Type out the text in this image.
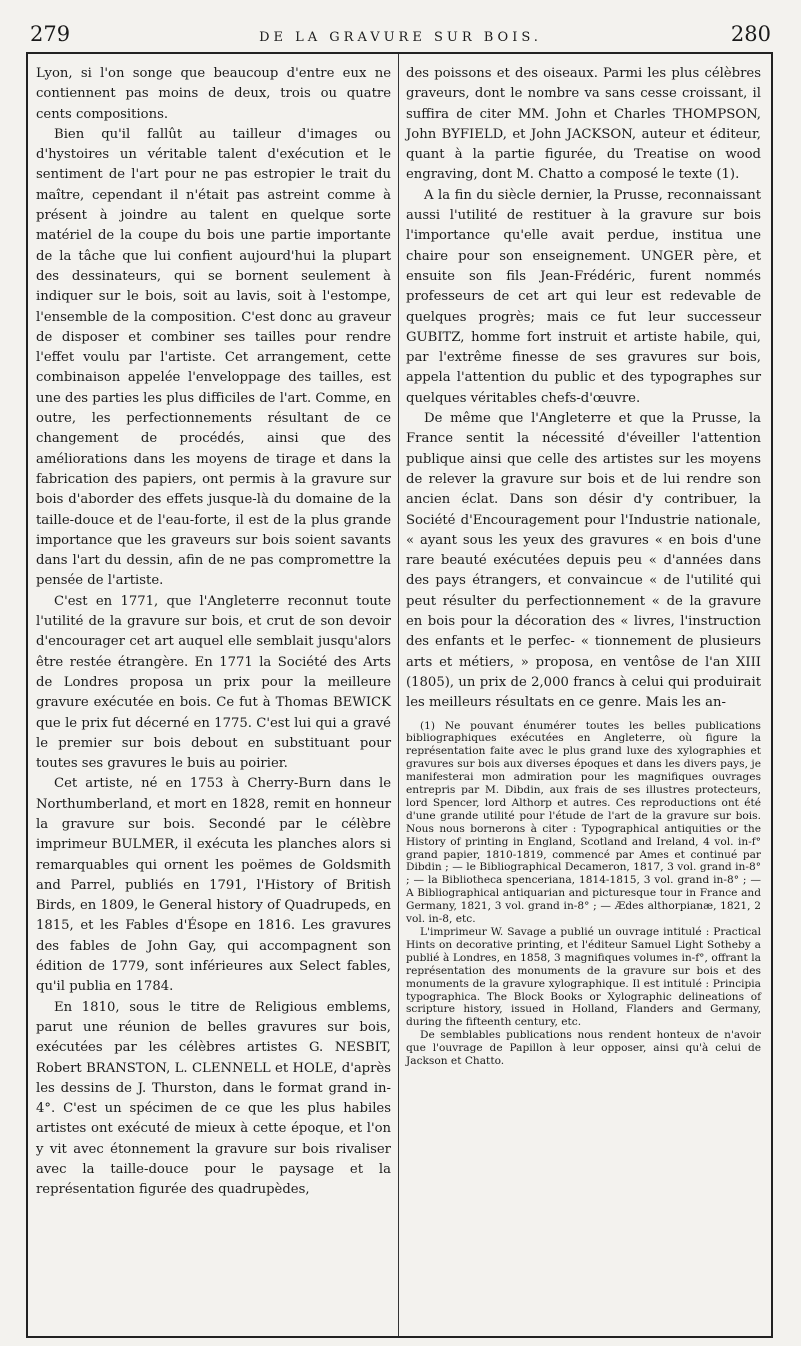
279	DE LA GRAVURE SUR BOIS.	280

Lyon, si l'on songe que beaucoup d'entre eux ne contiennent pas moins de deux, trois ou quatre cents compositions.

Bien qu'il fallût au tailleur d'images ou d'hystoires un véritable talent d'exécution et le sentiment de l'art pour ne pas estropier le trait du maître, cependant il n'était pas astreint comme à présent à joindre au talent en quelque sorte matériel de la coupe du bois une partie importante de la tâche que lui confient aujourd'hui la plupart des dessinateurs, qui se bornent seulement à indiquer sur le bois, soit au lavis, soit à l'estompe, l'ensemble de la composition. C'est donc au graveur de disposer et combiner ses tailles pour rendre l'effet voulu par l'artiste. Cet arrangement, cette combinaison appelée l'enveloppage des tailles, est une des parties les plus difficiles de l'art. Comme, en outre, les perfectionnements résultant de ce changement de procédés, ainsi que des améliorations dans les moyens de tirage et dans la fabrication des papiers, ont permis à la gravure sur bois d'aborder des effets jusque-là du domaine de la taille-douce et de l'eau-forte, il est de la plus grande importance que les graveurs sur bois soient savants dans l'art du dessin, afin de ne pas compromettre la pensée de l'artiste.

C'est en 1771, que l'Angleterre reconnut toute l'utilité de la gravure sur bois, et crut de son devoir d'encourager cet art auquel elle semblait jusqu'alors être restée étrangère. En 1771 la Société des Arts de Londres proposa un prix pour la meilleure gravure exécutée en bois. Ce fut à Thomas BEWICK que le prix fut décerné en 1775. C'est lui qui a gravé le premier sur bois debout en substituant pour toutes ses gravures le buis au poirier.

Cet artiste, né en 1753 à Cherry-Burn dans le Northumberland, et mort en 1828, remit en honneur la gravure sur bois. Secondé par le célèbre imprimeur BULMER, il exécuta les planches alors si remarquables qui ornent les poëmes de Goldsmith and Parrel, publiés en 1791, l'History of British Birds, en 1809, le General history of Quadrupeds, en 1815, et les Fables d'Ésope en 1816. Les gravures des fables de John Gay, qui accompagnent son édition de 1779, sont inférieures aux Select fables, qu'il publia en 1784.

En 1810, sous le titre de Religious emblems, parut une réunion de belles gravures sur bois, exécutées par les célèbres artistes G. NESBIT, Robert BRANSTON, L. CLENNELL et HOLE, d'après les dessins de J. Thurston, dans le format grand in-4°. C'est un spécimen de ce que les plus habiles artistes ont exécuté de mieux à cette époque, et l'on y vit avec étonnement la gravure sur bois rivaliser avec la taille-douce pour le paysage et la représentation figurée des quadrupèdes,

des poissons et des oiseaux. Parmi les plus célèbres graveurs, dont le nombre va sans cesse croissant, il suffira de citer MM. John et Charles THOMPSON, John BYFIELD, et John JACKSON, auteur et éditeur, quant à la partie figurée, du Treatise on wood engraving, dont M. Chatto a composé le texte (1).

A la fin du siècle dernier, la Prusse, reconnaissant aussi l'utilité de restituer à la gravure sur bois l'importance qu'elle avait perdue, institua une chaire pour son enseignement. UNGER père, et ensuite son fils Jean-Frédéric, furent nommés professeurs de cet art qui leur est redevable de quelques progrès; mais ce fut leur successeur GUBITZ, homme fort instruit et artiste habile, qui, par l'extrême finesse de ses gravures sur bois, appela l'attention du public et des typographes sur quelques véritables chefs-d'œuvre.

De même que l'Angleterre et que la Prusse, la France sentit la nécessité d'éveiller l'attention publique ainsi que celle des artistes sur les moyens de relever la gravure sur bois et de lui rendre son ancien éclat. Dans son désir d'y contribuer, la Société d'Encouragement pour l'Industrie nationale, « ayant sous les yeux des gravures « en bois d'une rare beauté exécutées depuis peu « d'années dans des pays étrangers, et convaincue « de l'utilité qui peut résulter du perfectionnement « de la gravure en bois pour la décoration des « livres, l'instruction des enfants et le perfec- « tionnement de plusieurs arts et métiers, » proposa, en ventôse de l'an XIII (1805), un prix de 2,000 francs à celui qui produirait les meilleurs résultats en ce genre. Mais les an-

(1) Ne pouvant énumérer toutes les belles publications bibliographiques exécutées en Angleterre, où figure la représentation faite avec le plus grand luxe des xylographies et gravures sur bois aux diverses époques et dans les divers pays, je manifesterai mon admiration pour les magnifiques ouvrages entrepris par M. Dibdin, aux frais de ses illustres protecteurs, lord Spencer, lord Althorp et autres. Ces reproductions ont été d'une grande utilité pour l'étude de l'art de la gravure sur bois. Nous nous bornerons à citer : Typographical antiquities or the History of printing in England, Scotland and Ireland, 4 vol. in-f° grand papier, 1810-1819, commencé par Ames et continué par Dibdin ; — le Bibliographical Decameron, 1817, 3 vol. grand in-8° ; — la Bibliotheca spenceriana, 1814-1815, 3 vol. grand in-8° ; — A Bibliographical antiquarian and picturesque tour in France and Germany, 1821, 3 vol. grand in-8° ; — Ædes althorpianæ, 1821, 2 vol. in-8, etc.

L'imprimeur W. Savage a publié un ouvrage intitulé : Practical Hints on decorative printing, et l'éditeur Samuel Light Sotheby a publié à Londres, en 1858, 3 magnifiques volumes in-f°, offrant la représentation des monuments de la gravure sur bois et des monuments de la gravure xylographique. Il est intitulé : Principia typographica. The Block Books or Xylographic delineations of scripture history, issued in Holland, Flanders and Germany, during the fifteenth century, etc.

De semblables publications nous rendent honteux de n'avoir que l'ouvrage de Papillon à leur opposer, ainsi qu'à celui de Jackson et Chatto.
